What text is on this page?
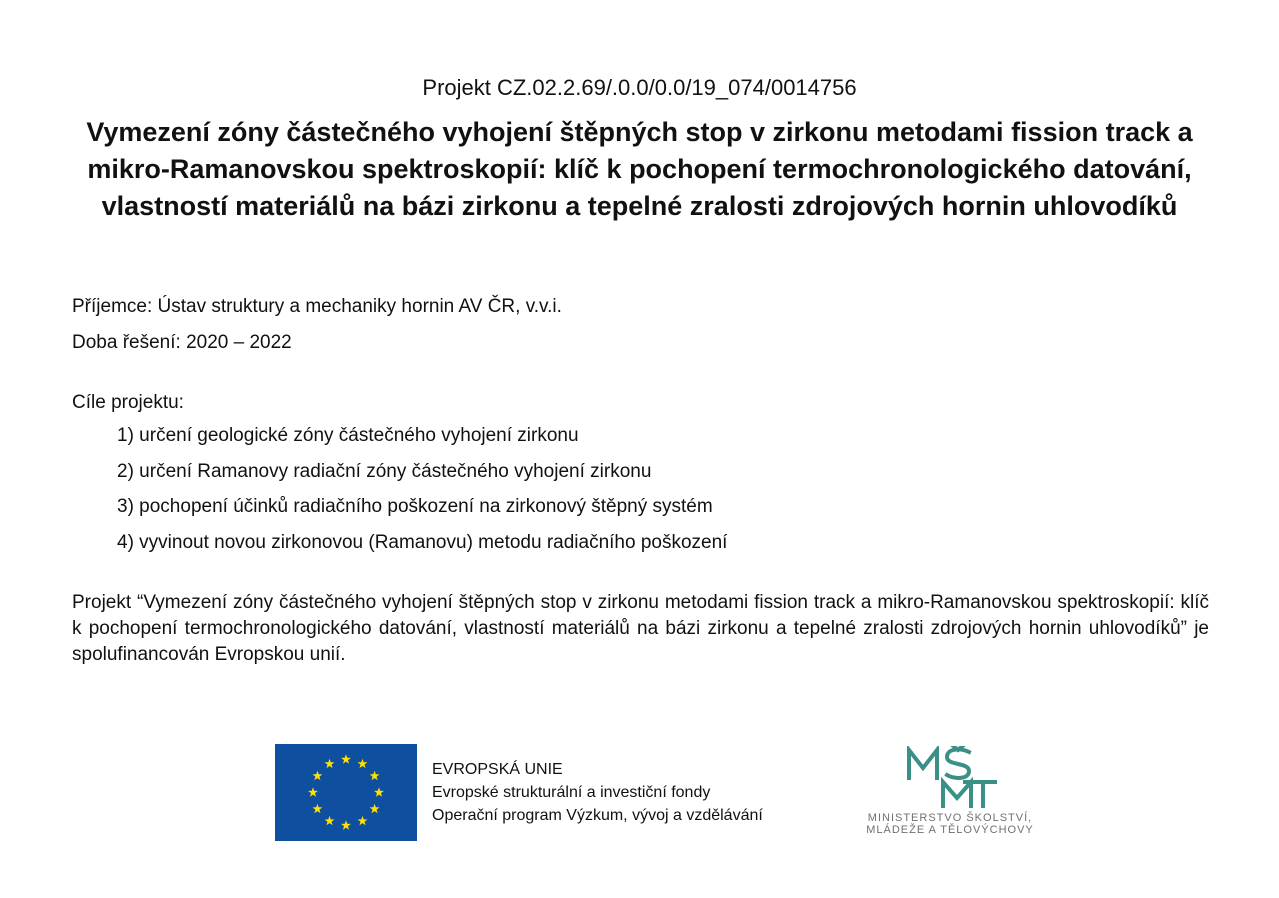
Projekt CZ.02.2.69/.0.0/0.0/19_074/0014756
Vymezení zóny částečného vyhojení štěpných stop v zirkonu metodami fission track a mikro-Ramanovskou spektroskopií: klíč k pochopení termochronologického datování, vlastností materiálů na bázi zirkonu a tepelné zralosti zdrojových hornin uhlovodíků

Příjemce: Ústav struktury a mechaniky hornin AV ČR, v.v.i.

Doba řešení: 2020 – 2022

Cíle projektu:

1) určení geologické zóny částečného vyhojení zirkonu
2) určení Ramanovy radiační zóny částečného vyhojení zirkonu
3) pochopení účinků radiačního poškození na zirkonový štěpný systém
4) vyvinout novou zirkonovou (Ramanovu) metodu radiačního poškození

Projekt “Vymezení zóny částečného vyhojení štěpných stop v zirkonu metodami fission track a mikro-Ramanovskou spektroskopií: klíč k pochopení termochronologického datování, vlastností materiálů na bázi zirkonu a tepelné zralosti zdrojových hornin uhlovodíků” je spolufinancován Evropskou unií.

EVROPSKÁ UNIE
Evropské strukturální a investiční fondy
Operační program Výzkum, vývoj a vzdělávání	MINISTERSTVO ŠKOLSTVÍ,
MLÁDEŽE A TĚLOVÝCHOVY
